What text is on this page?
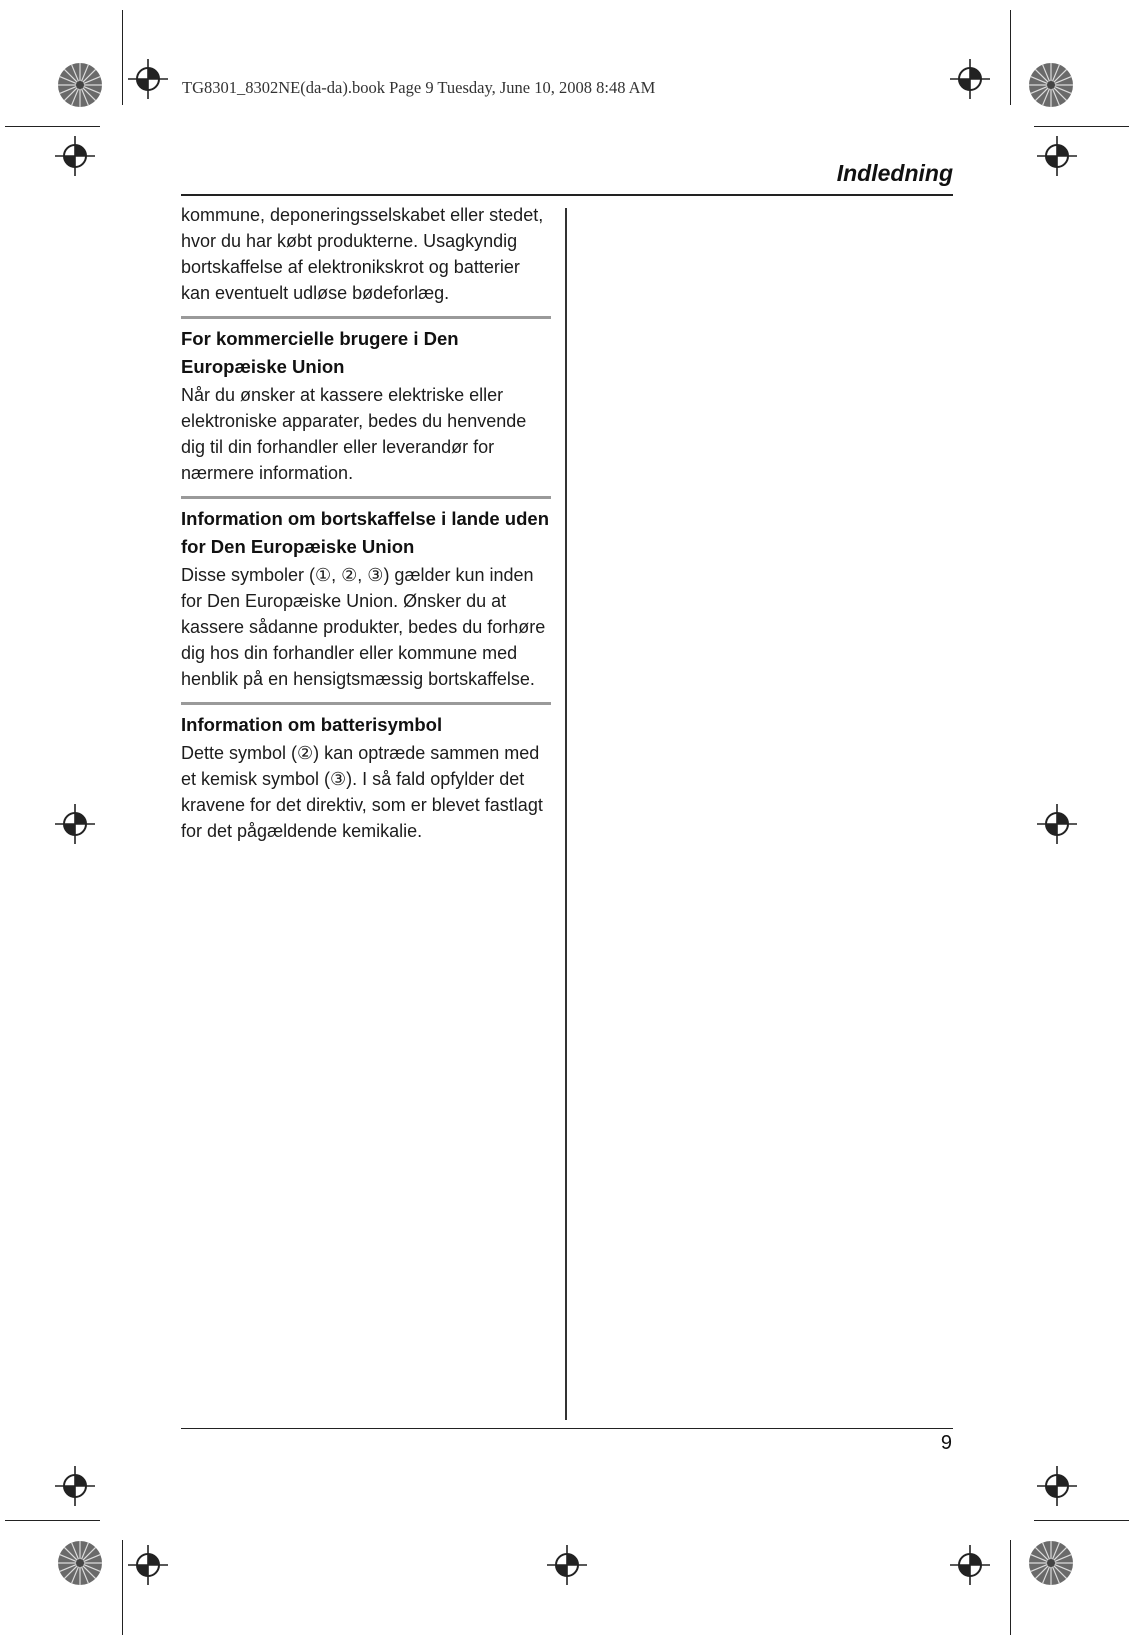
TG8301_8302NE(da-da).book Page 9 Tuesday, June 10, 2008 8:48 AM
Indledning
9

kommune, deponeringsselskabet eller stedet, hvor du har købt produkterne. Usagkyndig bortskaffelse af elektronikskrot og batterier kan eventuelt udløse bødeforlæg.

For kommercielle brugere i Den Europæiske Union

Når du ønsker at kassere elektriske eller elektroniske apparater, bedes du henvende dig til din forhandler eller leverandør for nærmere information.

Information om bortskaffelse i lande uden for Den Europæiske Union

Disse symboler (①, ②, ③) gælder kun inden for Den Europæiske Union. Ønsker du at kassere sådanne produkter, bedes du forhøre dig hos din forhandler eller kommune med henblik på en hensigtsmæssig bortskaffelse.

Information om batterisymbol

Dette symbol (②) kan optræde sammen med et kemisk symbol (③). I så fald opfylder det kravene for det direktiv, som er blevet fastlagt for det pågældende kemikalie.
